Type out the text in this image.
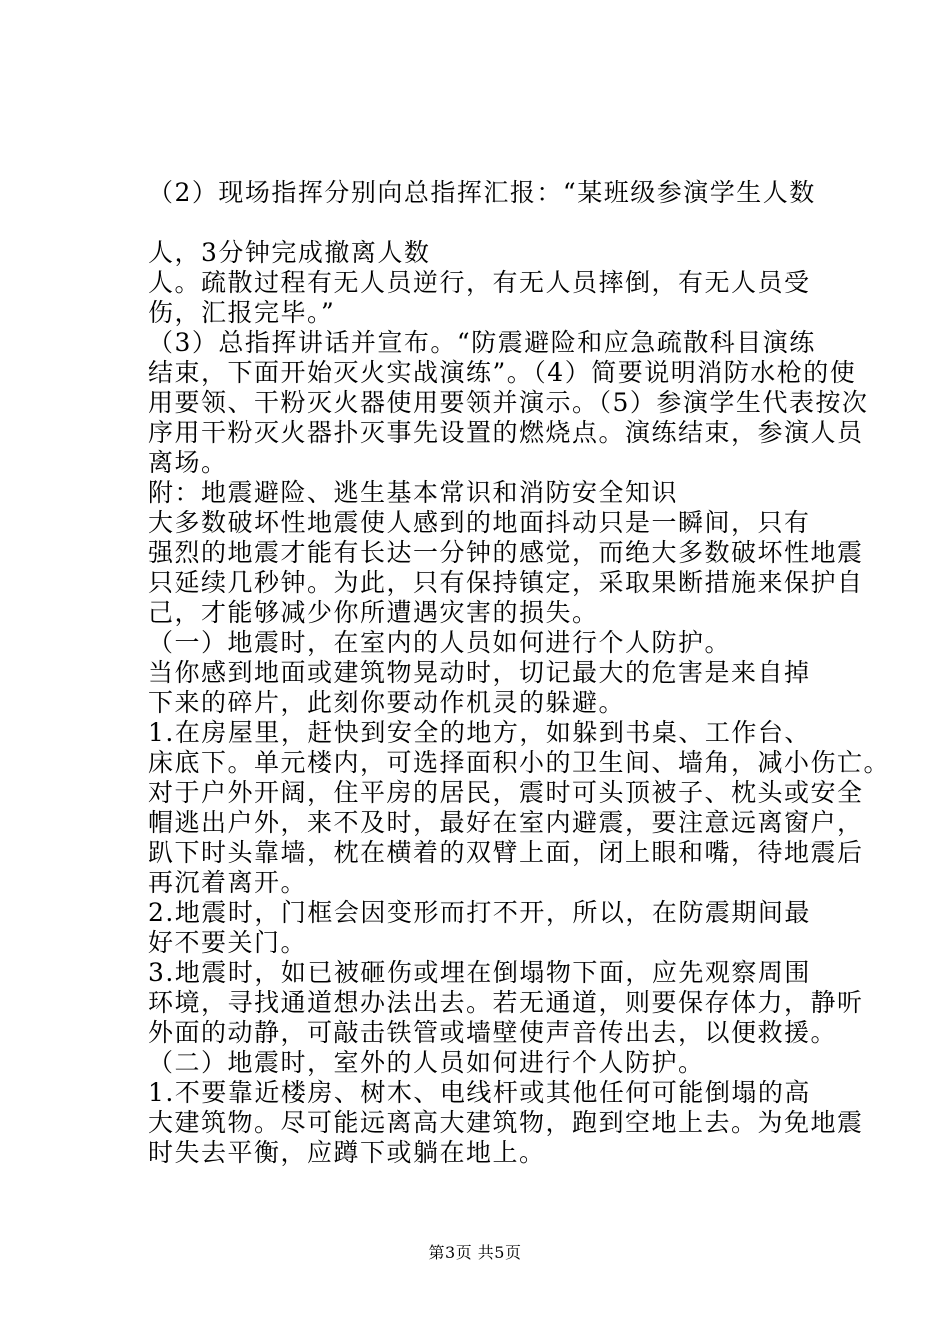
（2）现场指挥分别向总指挥汇报：“某班级参演学生人数
人，3分钟完成撤离人数
人。疏散过程有无人员逆行，有无人员摔倒，有无人员受
伤，汇报完毕。”
（3）总指挥讲话并宣布。“防震避险和应急疏散科目演练
结束，下面开始灭火实战演练”。（4）简要说明消防水枪的使
用要领、干粉灭火器使用要领并演示。（5）参演学生代表按次
序用干粉灭火器扑灭事先设置的燃烧点。演练结束，参演人员
离场。
附：地震避险、逃生基本常识和消防安全知识
大多数破坏性地震使人感到的地面抖动只是一瞬间，只有
强烈的地震才能有长达一分钟的感觉，而绝大多数破坏性地震
只延续几秒钟。为此，只有保持镇定，采取果断措施来保护自
己，才能够减少你所遭遇灾害的损失。
（一）地震时，在室内的人员如何进行个人防护。
当你感到地面或建筑物晃动时，切记最大的危害是来自掉
下来的碎片，此刻你要动作机灵的躲避。
1.在房屋里，赶快到安全的地方，如躲到书桌、工作台、
床底下。单元楼内，可选择面积小的卫生间、墙角，减小伤亡。
对于户外开阔，住平房的居民，震时可头顶被子、枕头或安全
帽逃出户外，来不及时，最好在室内避震，要注意远离窗户，
趴下时头靠墙，枕在横着的双臂上面，闭上眼和嘴，待地震后
再沉着离开。
2.地震时，门框会因变形而打不开，所以，在防震期间最
好不要关门。
3.地震时，如已被砸伤或埋在倒塌物下面，应先观察周围
环境，寻找通道想办法出去。若无通道，则要保存体力，静听
外面的动静，可敲击铁管或墙壁使声音传出去，以便救援。
（二）地震时，室外的人员如何进行个人防护。
1.不要靠近楼房、树木、电线杆或其他任何可能倒塌的高
大建筑物。尽可能远离高大建筑物，跑到空地上去。为免地震
时失去平衡，应蹲下或躺在地上。
第3页 共5页
